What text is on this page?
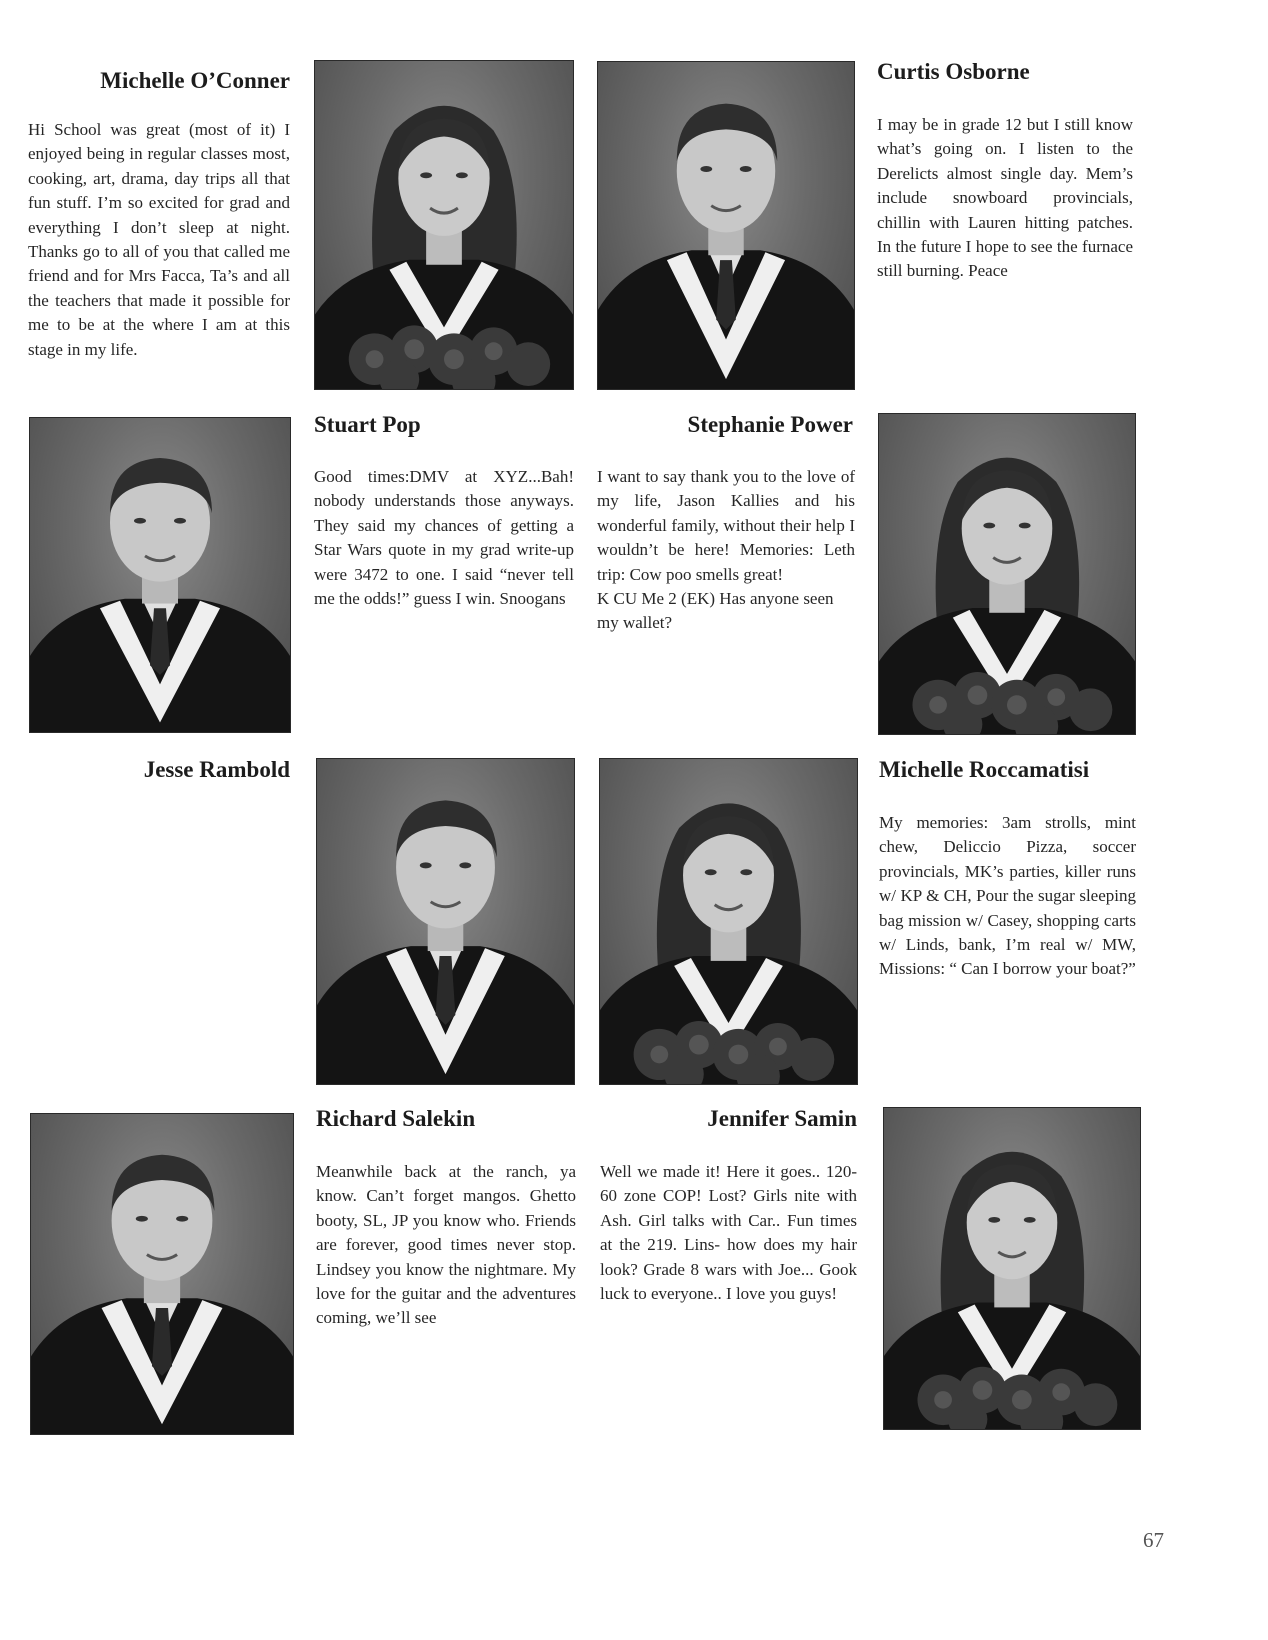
Michelle O’Conner

Hi School was great (most of it) I enjoyed being in regular classes most, cooking, art, drama, day trips all that fun stuff. I’m so excited for grad and everything I don’t sleep at night. Thanks go to all of you that called me friend and for Mrs Facca, Ta’s and all the teachers that made it possible for me to be at the where I am at this stage in my life.

Curtis Osborne

I may be in grade 12 but I still know what’s going on. I listen to the Derelicts almost single day. Mem’s include snowboard provincials, chillin with Lauren hitting patches. In the future I hope to see the furnace still burning. Peace

Stuart Pop

Good times:DMV at XYZ...Bah! nobody understands those anyways. They said my chances of getting a Star Wars quote in my grad write-up were 3472 to one. I said “never tell me the odds!” guess I win. Snoogans

Stephanie Power

I want to say thank you to the love of my life, Jason Kallies and his wonderful family, without their help I wouldn’t be here! Memories: Leth trip: Cow poo smells great!

K CU Me 2 (EK) Has anyone seen my wallet?

Jesse Rambold	Michelle Roccamatisi

My memories: 3am strolls, mint chew, Deliccio Pizza, soccer provincials, MK’s parties, killer runs w/ KP & CH, Pour the sugar sleeping bag mission w/ Casey, shopping carts w/ Linds, bank, I’m real w/ MW, Missions: “ Can I borrow your boat?”

Richard Salekin

Meanwhile back at the ranch, ya know. Can’t forget mangos. Ghetto booty, SL, JP you know who. Friends are forever, good times never stop. Lindsey you know the nightmare. My love for the guitar and the adventures coming, we’ll see

Jennifer Samin

Well we made it! Here it goes.. 120-60 zone COP! Lost? Girls nite with Ash. Girl talks with Car.. Fun times at the 219. Lins- how does my hair look? Grade 8 wars with Joe... Gook luck to everyone.. I love you guys!

67
